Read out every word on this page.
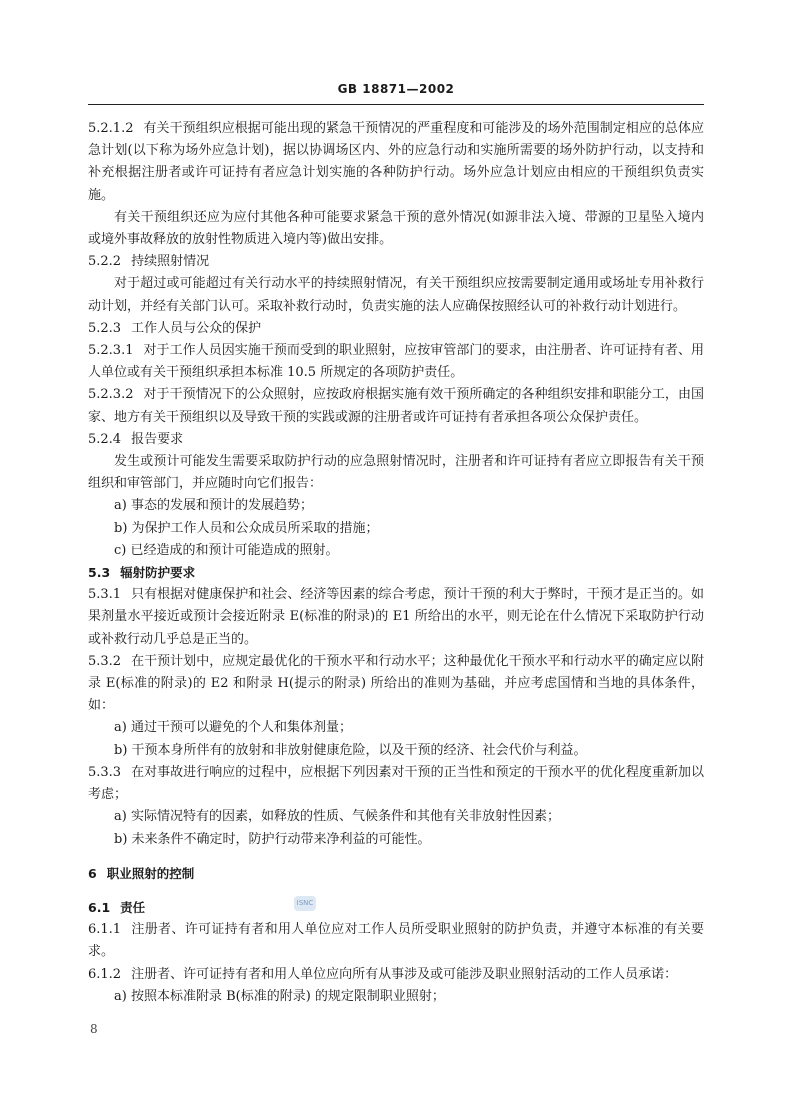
GB 18871—2002

5.2.1.2 有关干预组织应根据可能出现的紧急干预情况的严重程度和可能涉及的场外范围制定相应的总体应急计划(以下称为场外应急计划)，据以协调场区内、外的应急行动和实施所需要的场外防护行动，以支持和补充根据注册者或许可证持有者应急计划实施的各种防护行动。场外应急计划应由相应的干预组织负责实施。

有关干预组织还应为应付其他各种可能要求紧急干预的意外情况(如源非法入境、带源的卫星坠入境内或境外事故释放的放射性物质进入境内等)做出安排。

5.2.2 持续照射情况

对于超过或可能超过有关行动水平的持续照射情况，有关干预组织应按需要制定通用或场址专用补救行动计划，并经有关部门认可。采取补救行动时，负责实施的法人应确保按照经认可的补救行动计划进行。

5.2.3 工作人员与公众的保护

5.2.3.1 对于工作人员因实施干预而受到的职业照射，应按审管部门的要求，由注册者、许可证持有者、用人单位或有关干预组织承担本标准 10.5 所规定的各项防护责任。

5.2.3.2 对于干预情况下的公众照射，应按政府根据实施有效干预所确定的各种组织安排和职能分工，由国家、地方有关干预组织以及导致干预的实践或源的注册者或许可证持有者承担各项公众保护责任。

5.2.4 报告要求

发生或预计可能发生需要采取防护行动的应急照射情况时，注册者和许可证持有者应立即报告有关干预组织和审管部门，并应随时向它们报告：

a) 事态的发展和预计的发展趋势；

b) 为保护工作人员和公众成员所采取的措施；

c) 已经造成的和预计可能造成的照射。

5.3 辐射防护要求

5.3.1 只有根据对健康保护和社会、经济等因素的综合考虑，预计干预的利大于弊时，干预才是正当的。如果剂量水平接近或预计会接近附录 E(标准的附录)的 E1 所给出的水平，则无论在什么情况下采取防护行动或补救行动几乎总是正当的。

5.3.2 在干预计划中，应规定最优化的干预水平和行动水平；这种最优化干预水平和行动水平的确定应以附录 E(标准的附录)的 E2 和附录 H(提示的附录) 所给出的准则为基础，并应考虑国情和当地的具体条件，如：

a) 通过干预可以避免的个人和集体剂量；

b) 干预本身所伴有的放射和非放射健康危险，以及干预的经济、社会代价与利益。

5.3.3 在对事故进行响应的过程中，应根据下列因素对干预的正当性和预定的干预水平的优化程度重新加以考虑；

a) 实际情况特有的因素，如释放的性质、气候条件和其他有关非放射性因素；

b) 未来条件不确定时，防护行动带来净利益的可能性。

6 职业照射的控制

6.1 责任

6.1.1 注册者、许可证持有者和用人单位应对工作人员所受职业照射的防护负责，并遵守本标准的有关要求。

6.1.2 注册者、许可证持有者和用人单位应向所有从事涉及或可能涉及职业照射活动的工作人员承诺：

a) 按照本标准附录 B(标准的附录) 的规定限制职业照射；

ISNC
8
